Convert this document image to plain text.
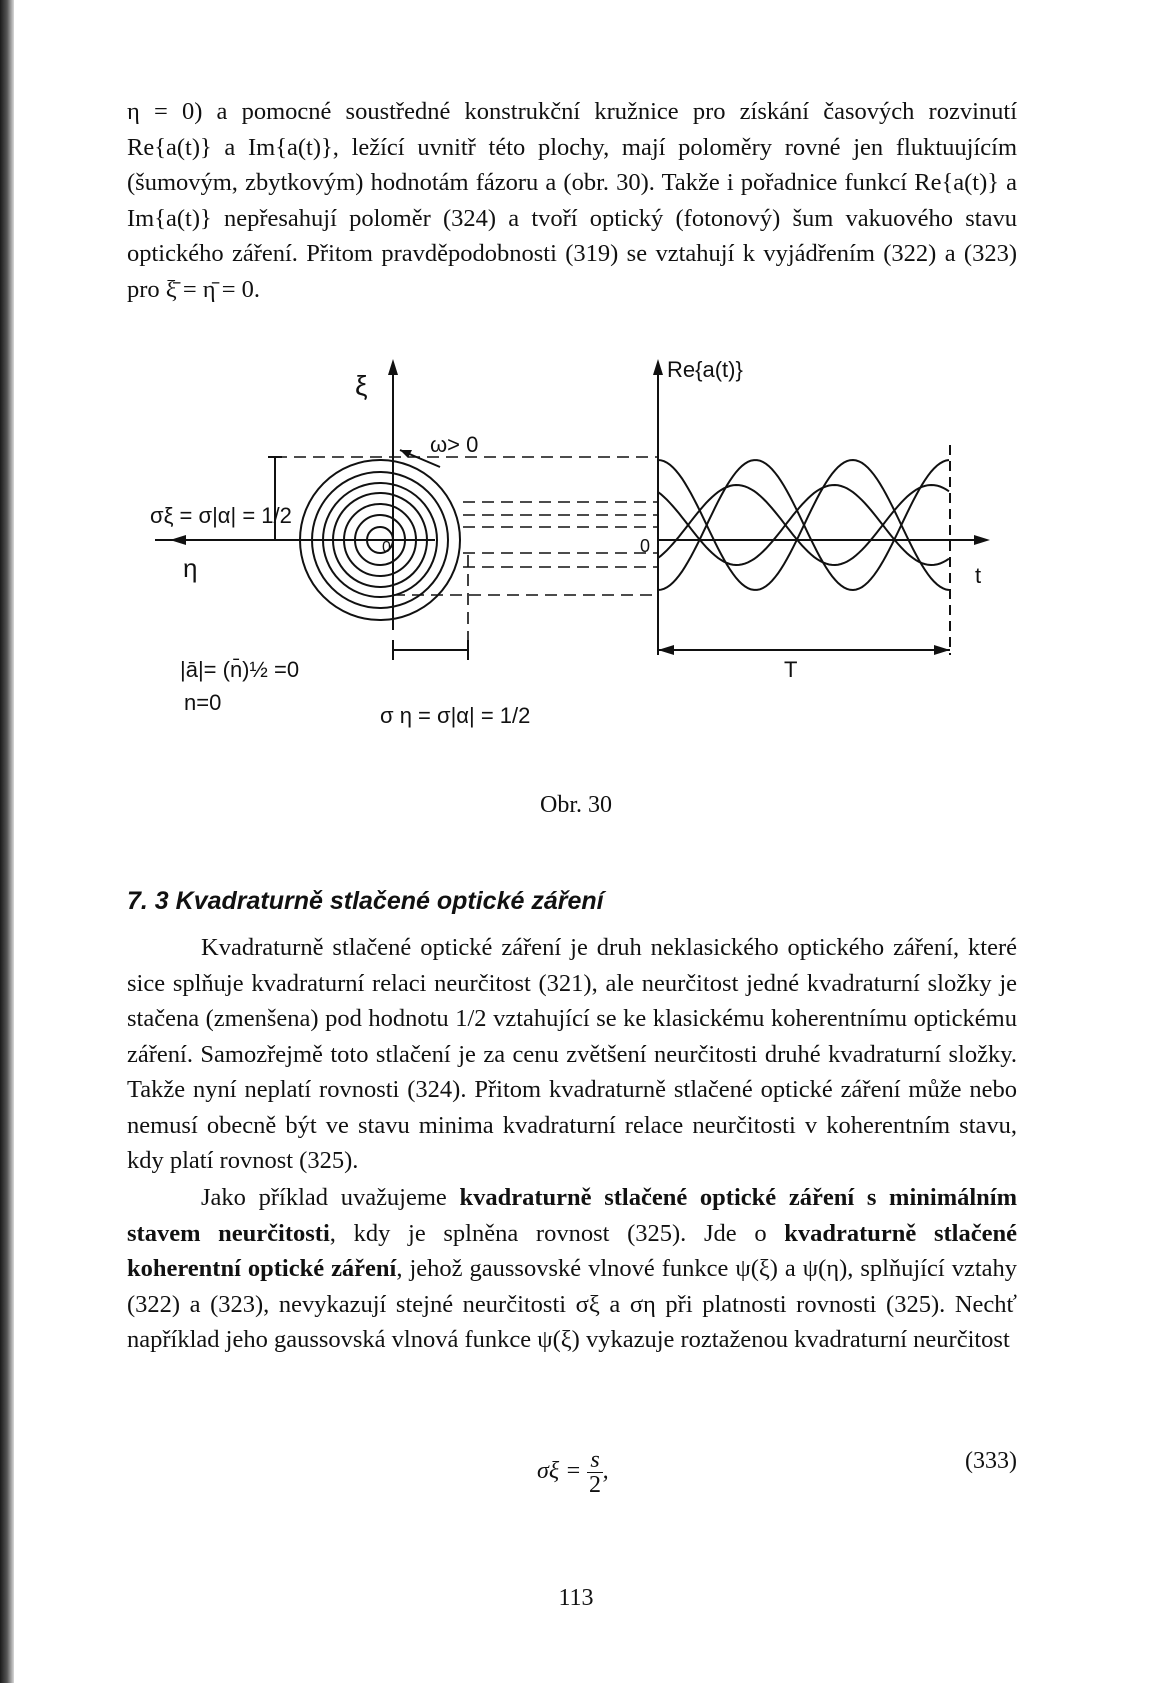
η = 0) a pomocné soustředné konstrukční kružnice pro získání časových rozvinutí Re{a(t)} a Im{a(t)}, ležící uvnitř této plochy, mají poloměry rovné jen fluktuujícím (šumovým, zbytkovým) hodnotám fázoru a (obr. 30). Takže i pořadnice funkcí Re{a(t)} a Im{a(t)} nepřesahují poloměr (324) a tvoří optický (fotonový) šum vakuového stavu optického záření. Přitom pravděpodobnosti (319) se vztahují k vyjádřením (322) a (323) pro ξ̄ = η̄ = 0.

ξ
Re{a(t)}
ω> 0
σξ = σ|α| = 1/2
η
0	0
t
T
|ā|= (n̄)½ =0
n=0
σ η = σ|α| = 1/2
Obr. 30
7. 3 Kvadraturně stlačené optické záření

Kvadraturně stlačené optické záření je druh neklasického optického záření, které sice splňuje kvadraturní relaci neurčitost (321), ale neurčitost jedné kvadraturní složky je stačena (zmenšena) pod hodnotu 1/2 vztahující se ke klasickému koherentnímu optickému záření. Samozřejmě toto stlačení je za cenu zvětšení neurčitosti druhé kvadraturní složky. Takže nyní neplatí rovnosti (324). Přitom kvadraturně stlačené optické záření může nebo nemusí obecně být ve stavu minima kvadraturní relace neurčitosti v koherentním stavu, kdy platí rovnost (325).

Jako příklad uvažujeme kvadraturně stlačené optické záření s minimálním stavem neurčitosti, kdy je splněna rovnost (325). Jde o kvadraturně stlačené koherentní optické záření, jehož gaussovské vlnové funkce ψ(ξ) a ψ(η), splňující vztahy (322) a (323), nevykazují stejné neurčitosti σξ a ση při platnosti rovnosti (325). Nechť například jeho gaussovská vlnová funkce ψ(ξ) vykazuje roztaženou kvadraturní neurčitost

$\sigma\xi = \frac{s}{2}$ ,	(333)
113
